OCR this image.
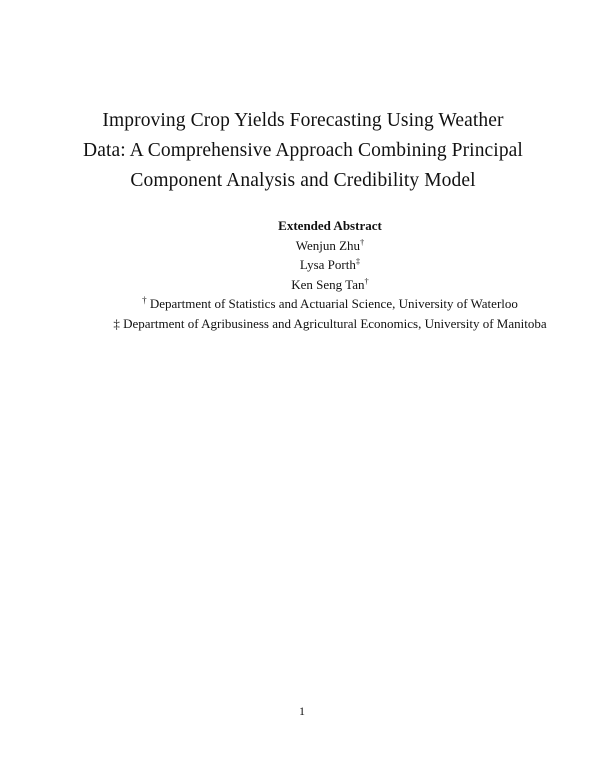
Improving Crop Yields Forecasting Using Weather
Data: A Comprehensive Approach Combining Principal
Component Analysis and Credibility Model
Extended Abstract
Wenjun Zhu†
Lysa Porth‡
Ken Seng Tan†
† Department of Statistics and Actuarial Science, University of Waterloo
‡ Department of Agribusiness and Agricultural Economics, University of Manitoba
1
